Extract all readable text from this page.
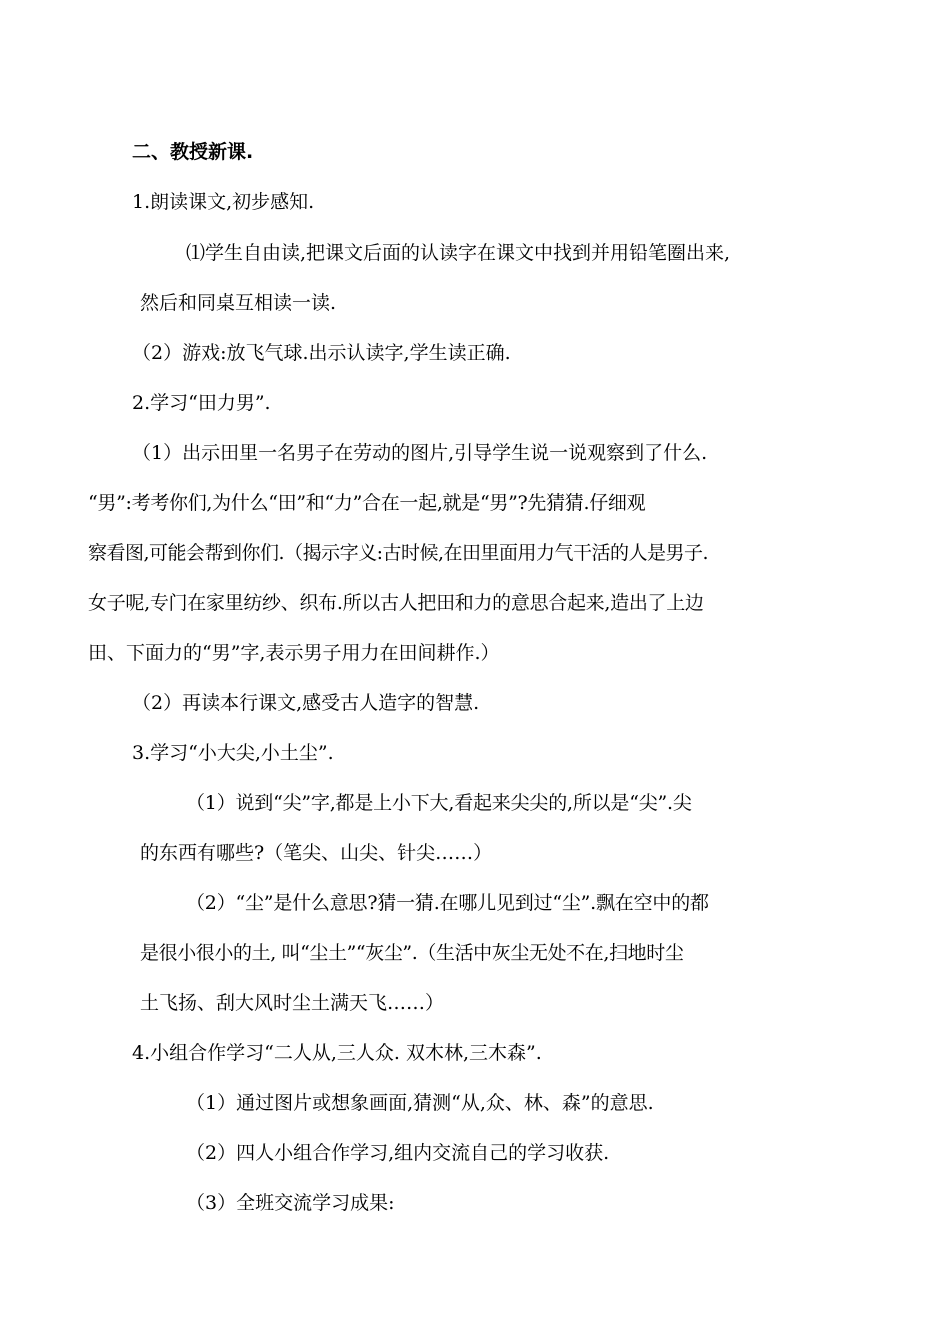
二、教授新课.
1.朗读课文,初步感知.
⑴学生自由读,把课文后面的认读字在课文中找到并用铅笔圈出来,
然后和同桌互相读一读.
（2）游戏:放飞气球.出示认读字,学生读正确.
2.学习“田力男”.
（1）出示田里一名男子在劳动的图片,引导学生说一说观察到了什么.
“男”:考考你们,为什么“田”和“力”合在一起,就是“男”?先猜猜.仔细观
察看图,可能会帮到你们.（揭示字义:古时候,在田里面用力气干活的人是男子.
女子呢,专门在家里纺纱、织布.所以古人把田和力的意思合起来,造出了上边
田、下面力的“男”字,表示男子用力在田间耕作.）
（2）再读本行课文,感受古人造字的智慧.
3.学习“小大尖,小土尘”.
（1）说到“尖”字,都是上小下大,看起来尖尖的,所以是“尖”.尖
的东西有哪些?（笔尖、山尖、针尖……）
（2）“尘”是什么意思?猜一猜.在哪儿见到过“尘”.飘在空中的都
是很小很小的土, 叫“尘土”“灰尘”.（生活中灰尘无处不在,扫地时尘
土飞扬、刮大风时尘土满天飞……）
4.小组合作学习“二人从,三人众. 双木林,三木森”.
（1）通过图片或想象画面,猜测“从,众、林、森”的意思.
（2）四人小组合作学习,组内交流自己的学习收获.
（3）全班交流学习成果:
